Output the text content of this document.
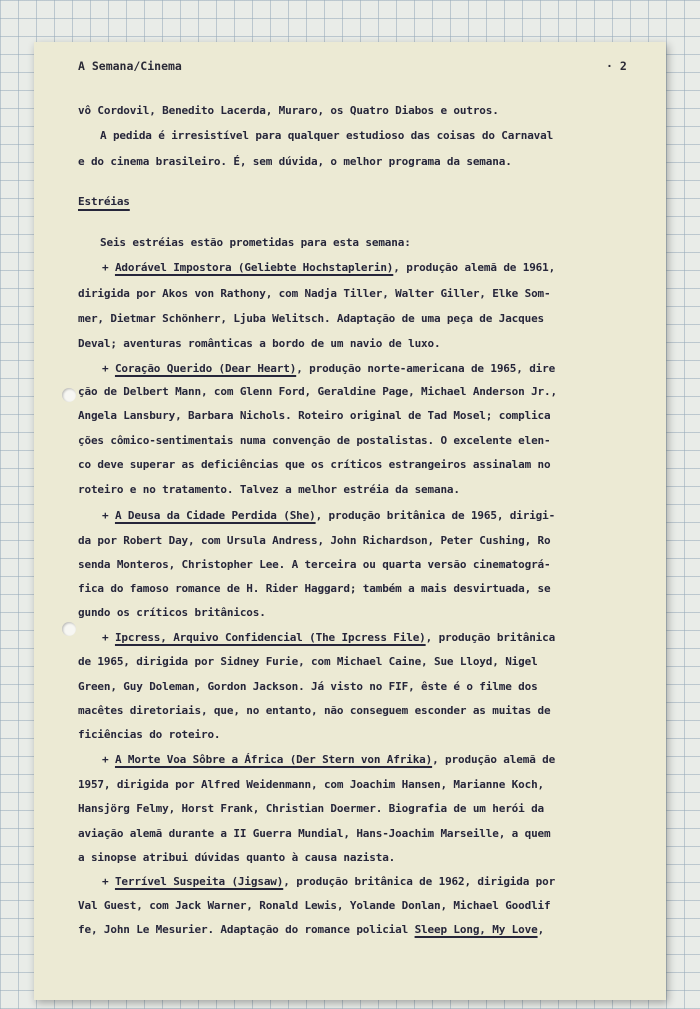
A Semana/Cinema	· 2

vô Cordovil, Benedito Lacerda, Muraro, os Quatro Diabos e outros.

A pedida é irresistível para qualquer estudioso das coisas do Carnaval

e do cinema brasileiro. É, sem dúvida, o melhor programa da semana.

Estréias

Seis estréias estão prometidas para esta semana:

+ Adorável Impostora (Geliebte Hochstaplerin), produção alemã de 1961,

dirigida por Akos von Rathony, com Nadja Tiller, Walter Giller, Elke Som-

mer, Dietmar Schönherr, Ljuba Welitsch. Adaptação de uma peça de Jacques

Deval; aventuras românticas a bordo de um navio de luxo.

+ Coração Querido (Dear Heart), produção norte-americana de 1965, dire

ção de Delbert Mann, com Glenn Ford, Geraldine Page, Michael Anderson Jr.,

Angela Lansbury, Barbara Nichols. Roteiro original de Tad Mosel; complica

ções cômico-sentimentais numa convenção de postalistas. O excelente elen-

co deve superar as deficiências que os críticos estrangeiros assinalam no

roteiro e no tratamento. Talvez a melhor estréia da semana.

+ A Deusa da Cidade Perdida (She), produção britânica de 1965, dirigi-

da por Robert Day, com Ursula Andress, John Richardson, Peter Cushing, Ro

senda Monteros, Christopher Lee. A terceira ou quarta versão cinematográ-

fica do famoso romance de H. Rider Haggard; também a mais desvirtuada, se

gundo os críticos britânicos.

+ Ipcress, Arquivo Confidencial (The Ipcress File), produção britânica

de 1965, dirigida por Sidney Furie, com Michael Caine, Sue Lloyd, Nigel

Green, Guy Doleman, Gordon Jackson. Já visto no FIF, êste é o filme dos

macêtes diretoriais, que, no entanto, não conseguem esconder as muitas de

ficiências do roteiro.

+ A Morte Voa Sôbre a África (Der Stern von Afrika), produção alemã de

1957, dirigida por Alfred Weidenmann, com Joachim Hansen, Marianne Koch,

Hansjörg Felmy, Horst Frank, Christian Doermer. Biografia de um herói da

aviação alemã durante a II Guerra Mundial, Hans-Joachim Marseille, a quem

a sinopse atribui dúvidas quanto à causa nazista.

+ Terrível Suspeita (Jigsaw), produção britânica de 1962, dirigida por

Val Guest, com Jack Warner, Ronald Lewis, Yolande Donlan, Michael Goodlif

fe, John Le Mesurier. Adaptação do romance policial Sleep Long, My Love,
